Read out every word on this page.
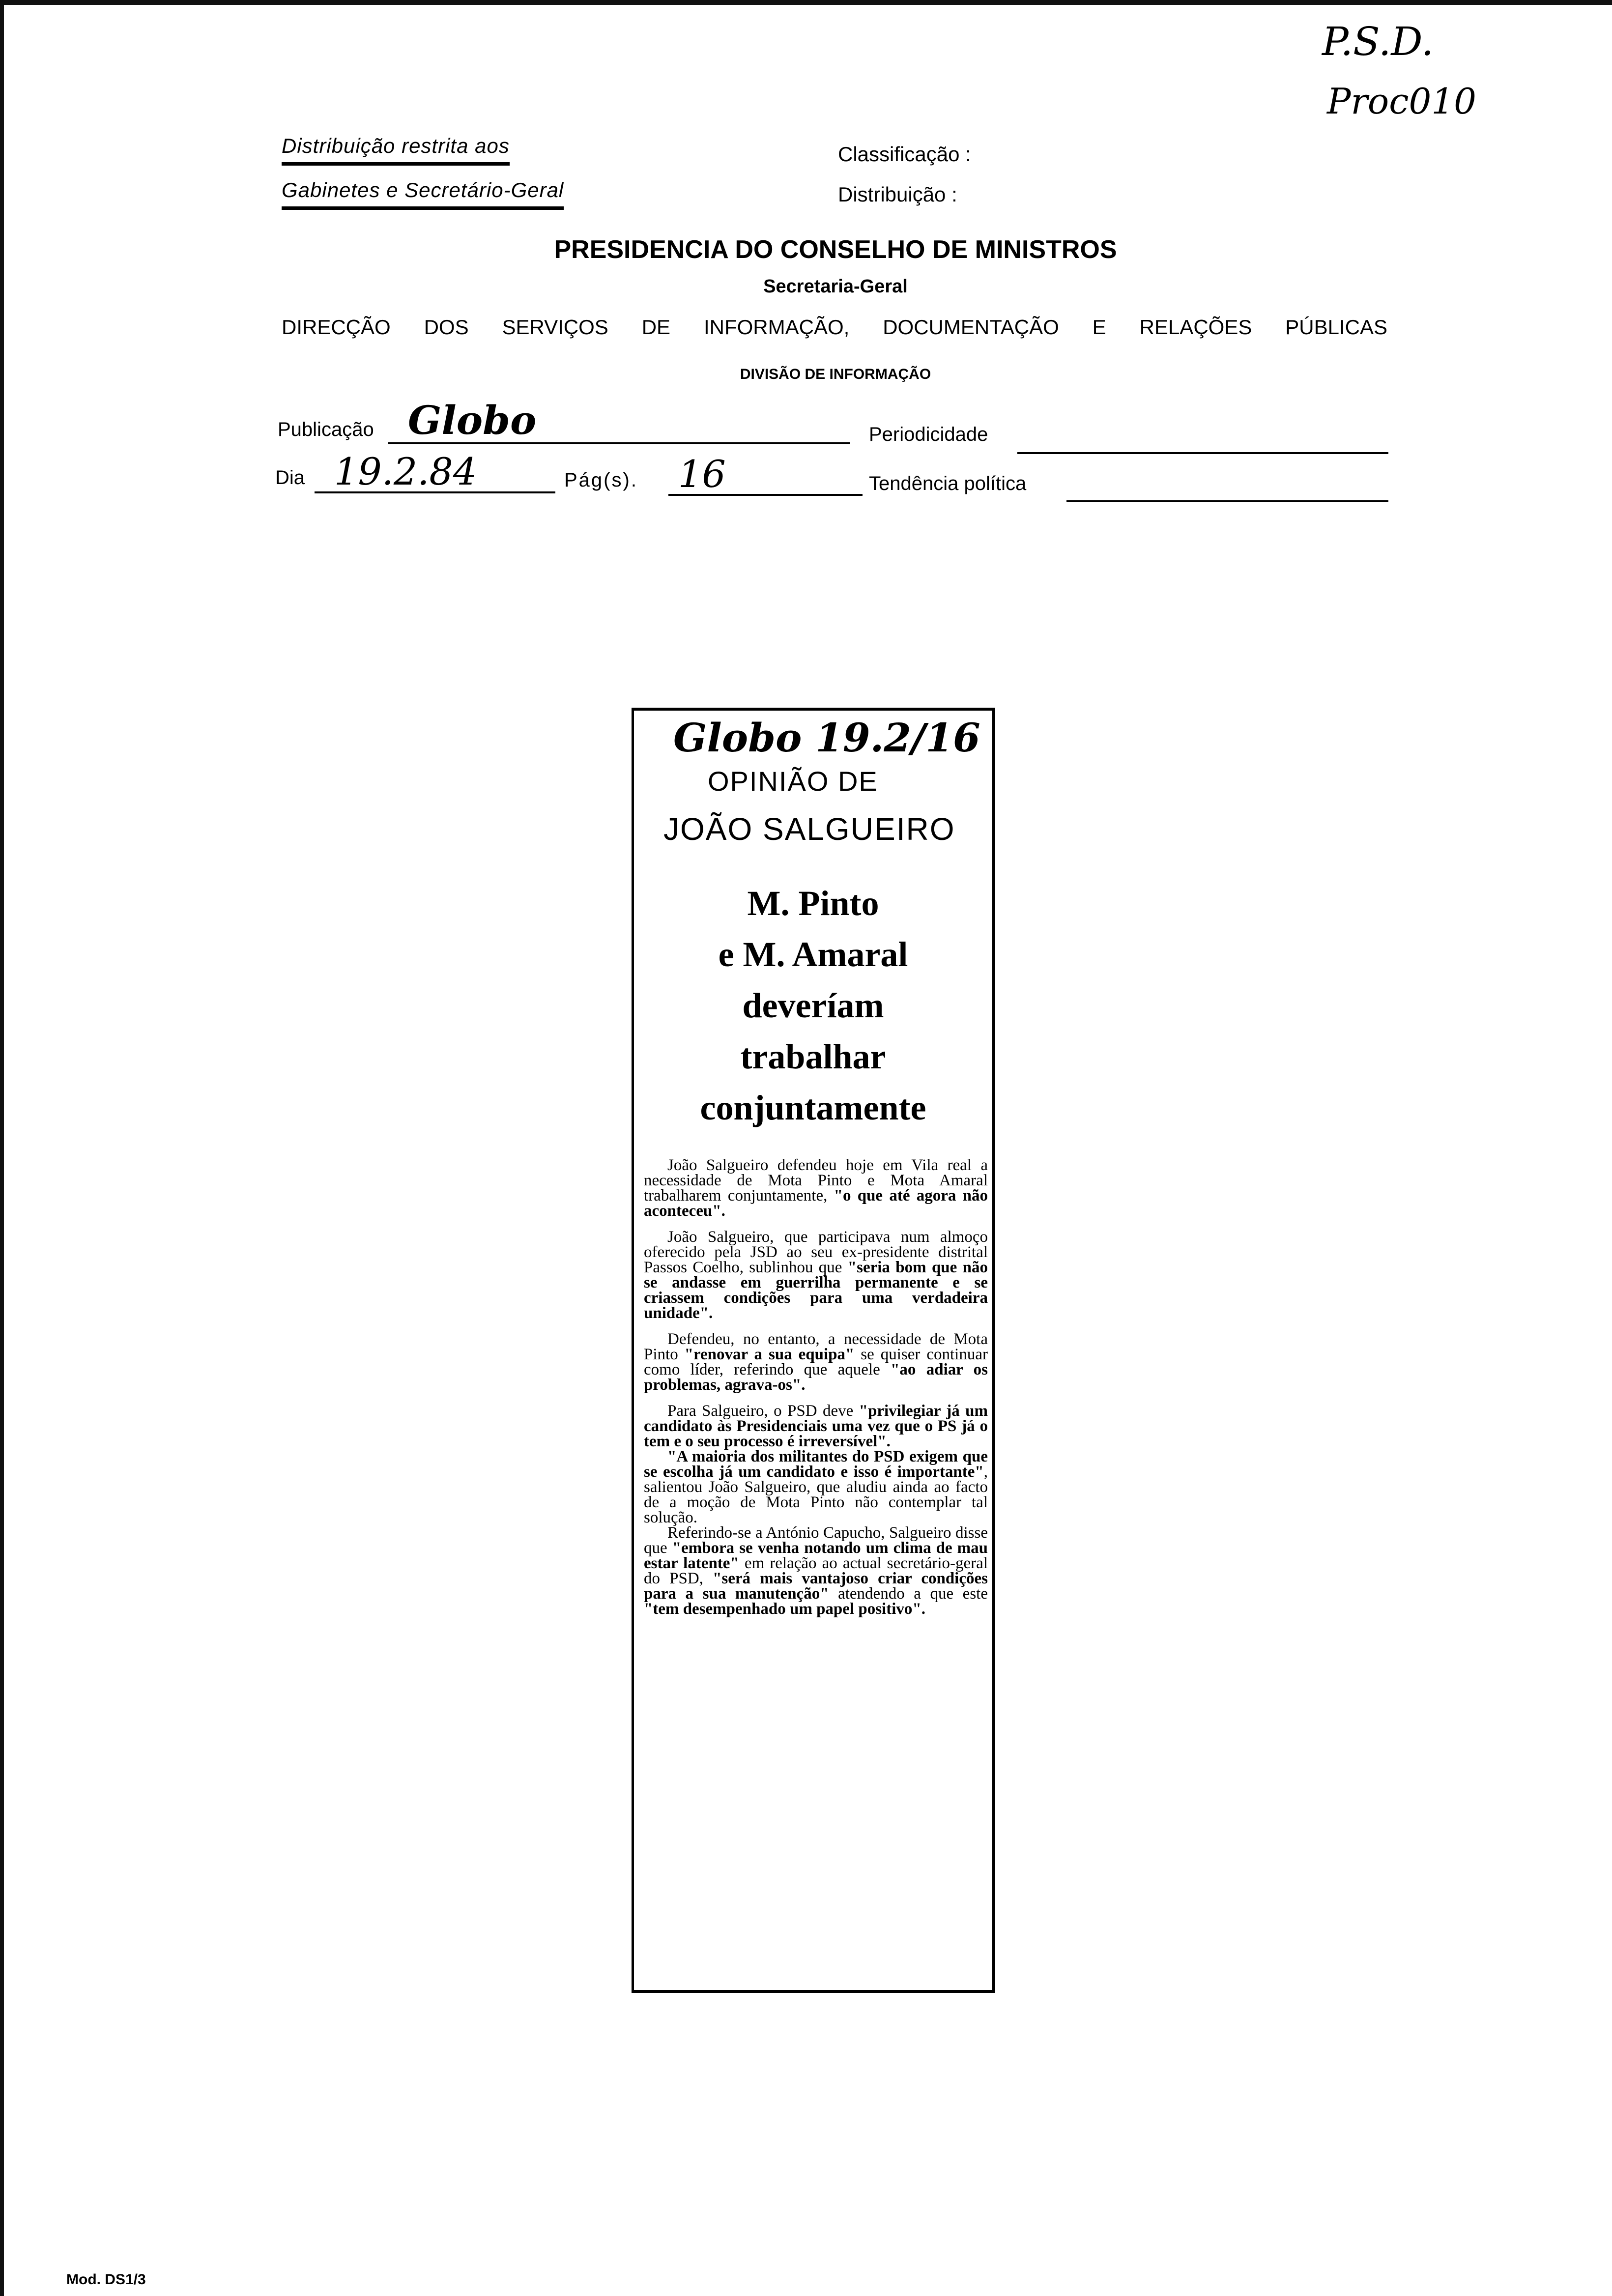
P.S.D.
Proc010
Distribuição restrita aos
Gabinetes e Secretário-Geral
Classificação :
Distribuição :
PRESIDENCIA DO CONSELHO DE MINISTROS
Secretaria-Geral
DIRECÇÃO DOS SERVIÇOS DE INFORMAÇÃO, DOCUMENTAÇÃO E RELAÇÕES PÚBLICAS
DIVISÃO DE INFORMAÇÃO
Publicação Globo	Periodicidade
Dia 19.2.84	Pág(s). 16	Tendência política
Globo 19.2/16
OPINIÃO DE
JOÃO SALGUEIRO
M. Pinto
e M. Amaral
deveríam
trabalhar
conjuntamente

João Salgueiro defendeu hoje em Vila real a necessidade de Mota Pinto e Mota Amaral trabalharem conjuntamente, "o que até agora não aconteceu".

João Salgueiro, que participava num almoço oferecido pela JSD ao seu ex-presidente distrital Passos Coelho, sublinhou que "seria bom que não se andasse em guerrilha permanente e se criassem condições para uma verdadeira unidade".

Defendeu, no entanto, a necessidade de Mota Pinto "renovar a sua equipa" se quiser continuar como líder, referindo que aquele "ao adiar os problemas, agrava-os".

Para Salgueiro, o PSD deve "privilegiar já um candidato às Presidenciais uma vez que o PS já o tem e o seu processo é irreversível".

"A maioria dos militantes do PSD exigem que se escolha já um candidato e isso é importante", salientou João Salgueiro, que aludiu ainda ao facto de a moção de Mota Pinto não contemplar tal solução.

Referindo-se a António Capucho, Salgueiro disse que "embora se venha notando um clima de mau estar latente" em relação ao actual secretário-geral do PSD, "será mais vantajoso criar condições para a sua manutenção" atendendo a que este "tem desempenhado um papel positivo".

Mod. DS1/3
